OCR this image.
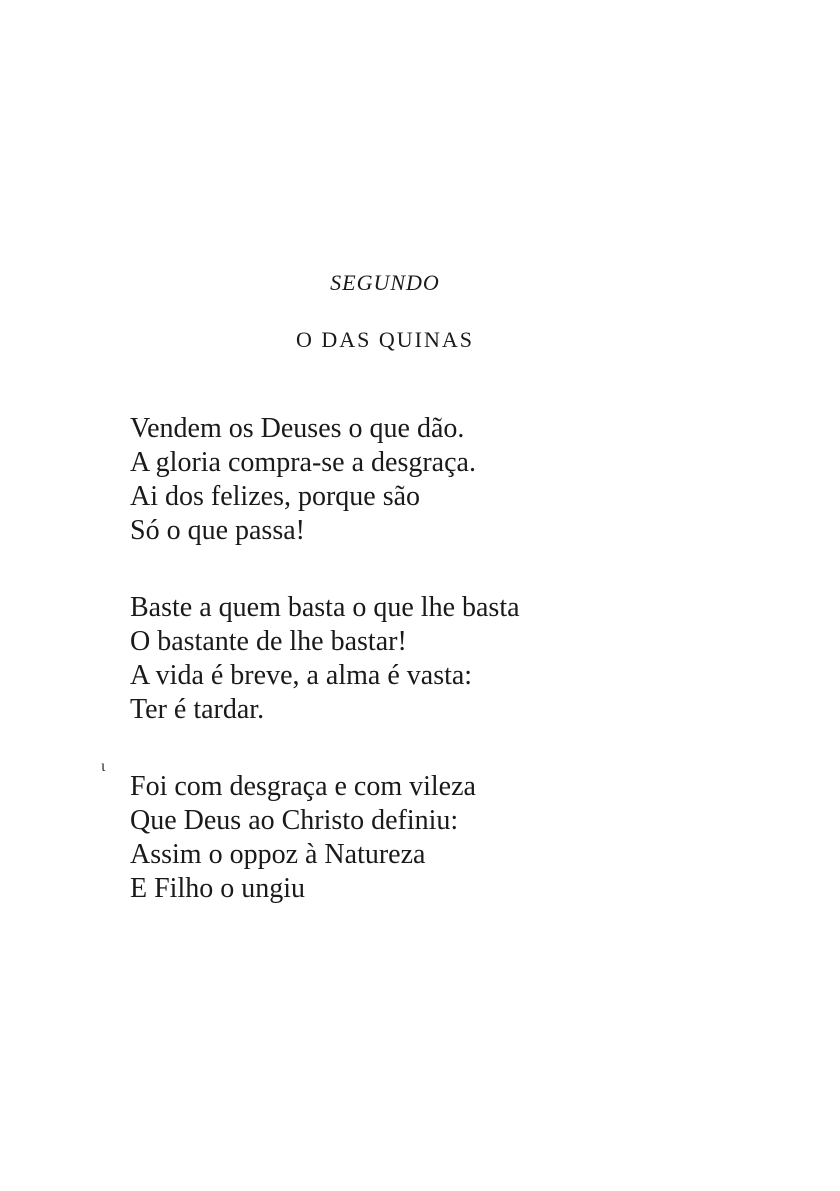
SEGUNDO
O DAS QUINAS
ι
Vendem os Deuses o que dão.
A gloria compra-se a desgraça.
Ai dos felizes, porque são
Só o que passa!
Baste a quem basta o que lhe basta
O bastante de lhe bastar!
A vida é breve, a alma é vasta:
Ter é tardar.
Foi com desgraça e com vileza
Que Deus ao Christo definiu:
Assim o oppoz à Natureza
E Filho o ungiu
